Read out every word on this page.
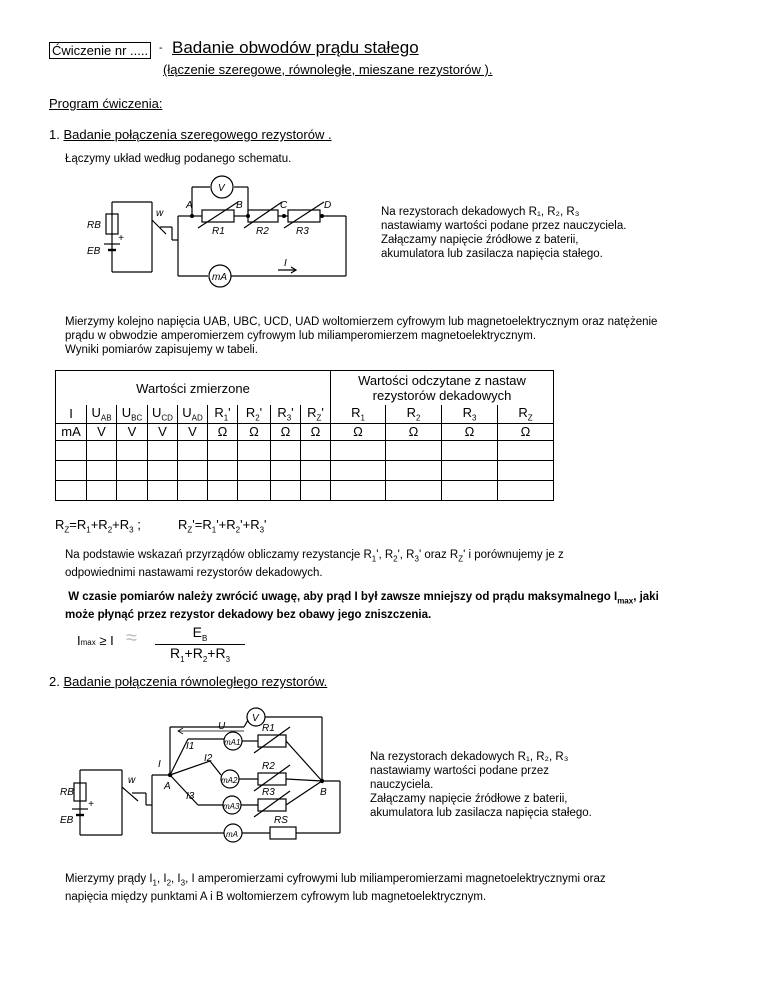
Ćwiczenie nr ..... - Badanie obwodów prądu stałego
(łączenie szeregowe, równoległe, mieszane rezystorów ).
Program ćwiczenia:
1. Badanie połączenia szeregowego rezystorów .
Łączymy układ według podanego schematu.
RB
EB
+
w
V
mA
A	B	C	D
R1	R2	R3
I
Na rezystorach dekadowych R₁, R₂, R₃
nastawiamy wartości podane przez nauczyciela.
Załączamy napięcie źródłowe z baterii,
akumulatora lub zasilacza napięcia stałego.
Mierzymy kolejno napięcia UAB, UBC, UCD, UAD woltomierzem cyfrowym lub magnetoelektrycznym oraz natężenie
prądu w obwodzie amperomierzem cyfrowym lub miliamperomierzem magnetoelektrycznym.
Wyniki pomiarów zapisujemy w tabeli.
Wartości zmierzone									Wartości odczytane z nastaw
rezystorów dekadowych			

I	$U_{AB}$	$U_{BC}$	$U_{CD}$	$U_{AD}$	$R_1'$	$R_2'$	$R_3'$	$R_Z'$	$R_1$	$R_2$	$R_3$	$R_Z$
mA	V	V	V	V	Ω	Ω	Ω	Ω	Ω	Ω	Ω	Ω

$R_Z=R_1+R_2+R_3$ ;	$R_Z'=R_1'+R_2'+R_3'$
Na podstawie wskazań przyrządów obliczamy rezystancje $R_1'$, $R_2'$, $R_3'$ oraz $R_Z'$ i porównujemy je z
odpowiednimi nastawami rezystorów dekadowych.
W czasie pomiarów należy zwrócić uwagę, aby prąd I był zawsze mniejszy od prądu maksymalnego $I_{max}$, jaki
może płynąć przez rezystor dekadowy bez obawy jego zniszczenia.
$Imax \ge I \approx \frac{E_B}{R_1+R_2+R_3}$
2. Badanie połączenia równoległego rezystorów.
U
V
mA1
mA2
mA3
mA
R1
R2
R3
RS
I1
I2
I3
I
A
B
RB
EB
+
w
Na rezystorach dekadowych R₁, R₂, R₃
nastawiamy wartości podane przez
nauczyciela.
Załączamy napięcie źródłowe z baterii,
akumulatora lub zasilacza napięcia stałego.
Mierzymy prądy $I_1$, $I_2$, $I_3$, I amperomierzami cyfrowymi lub miliamperomierzami magnetoelektrycznymi oraz
napięcia między punktami A i B woltomierzem cyfrowym lub magnetoelektrycznym.
